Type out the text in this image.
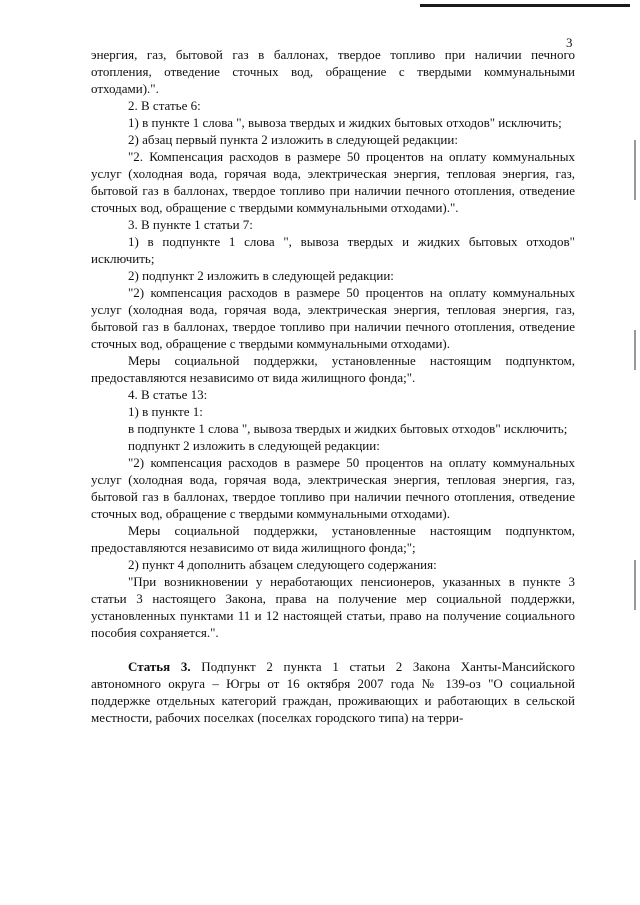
3

энергия, газ, бытовой газ в баллонах, твердое топливо при наличии печного отопления, отведение сточных вод, обращение с твердыми коммунальными отходами).".

2. В статье 6:

1) в пункте 1 слова ", вывоза твердых и жидких бытовых отходов" исключить;

2) абзац первый пункта 2 изложить в следующей редакции:

"2. Компенсация расходов в размере 50 процентов на оплату коммунальных услуг (холодная вода, горячая вода, электрическая энергия, тепловая энергия, газ, бытовой газ в баллонах, твердое топливо при наличии печного отопления, отведение сточных вод, обращение с твердыми коммунальными отходами).".

3. В пункте 1 статьи 7:

1) в подпункте 1 слова ", вывоза твердых и жидких бытовых отходов" исключить;

2) подпункт 2 изложить в следующей редакции:

"2) компенсация расходов в размере 50 процентов на оплату коммунальных услуг (холодная вода, горячая вода, электрическая энергия, тепловая энергия, газ, бытовой газ в баллонах, твердое топливо при наличии печного отопления, отведение сточных вод, обращение с твердыми коммунальными отходами).

Меры социальной поддержки, установленные настоящим подпунктом, предоставляются независимо от вида жилищного фонда;".

4. В статье 13:

1) в пункте 1:

в подпункте 1 слова ", вывоза твердых и жидких бытовых отходов" исключить;

подпункт 2 изложить в следующей редакции:

"2) компенсация расходов в размере 50 процентов на оплату коммунальных услуг (холодная вода, горячая вода, электрическая энергия, тепловая энергия, газ, бытовой газ в баллонах, твердое топливо при наличии печного отопления, отведение сточных вод, обращение с твердыми коммунальными отходами).

Меры социальной поддержки, установленные настоящим подпунктом, предоставляются независимо от вида жилищного фонда;";

2) пункт 4 дополнить абзацем следующего содержания:

"При возникновении у неработающих пенсионеров, указанных в пункте 3 статьи 3 настоящего Закона, права на получение мер социальной поддержки, установленных пунктами 11 и 12 настоящей статьи, право на получение социального пособия сохраняется.".

Статья 3. Подпункт 2 пункта 1 статьи 2 Закона Ханты-Мансийского автономного округа – Югры от 16 октября 2007 года № 139-оз "О социальной поддержке отдельных категорий граждан, проживающих и работающих в сельской местности, рабочих поселках (поселках городского типа) на терри-
